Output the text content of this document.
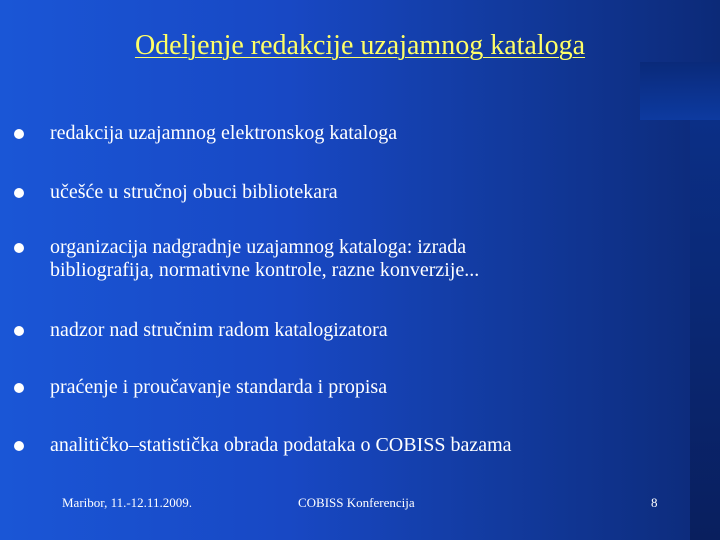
Odeljenje redakcije uzajamnog kataloga
redakcija uzajamnog elektronskog kataloga
učešće u stručnoj obuci bibliotekara
organizacija nadgradnje uzajamnog kataloga: izrada
bibliografija, normativne kontrole, razne konverzije...
nadzor nad stručnim radom katalogizatora
praćenje i proučavanje standarda i propisa
analitičko–statistička obrada podataka o COBISS bazama
Maribor, 11.-12.11.2009.	COBISS Konferencija	8
